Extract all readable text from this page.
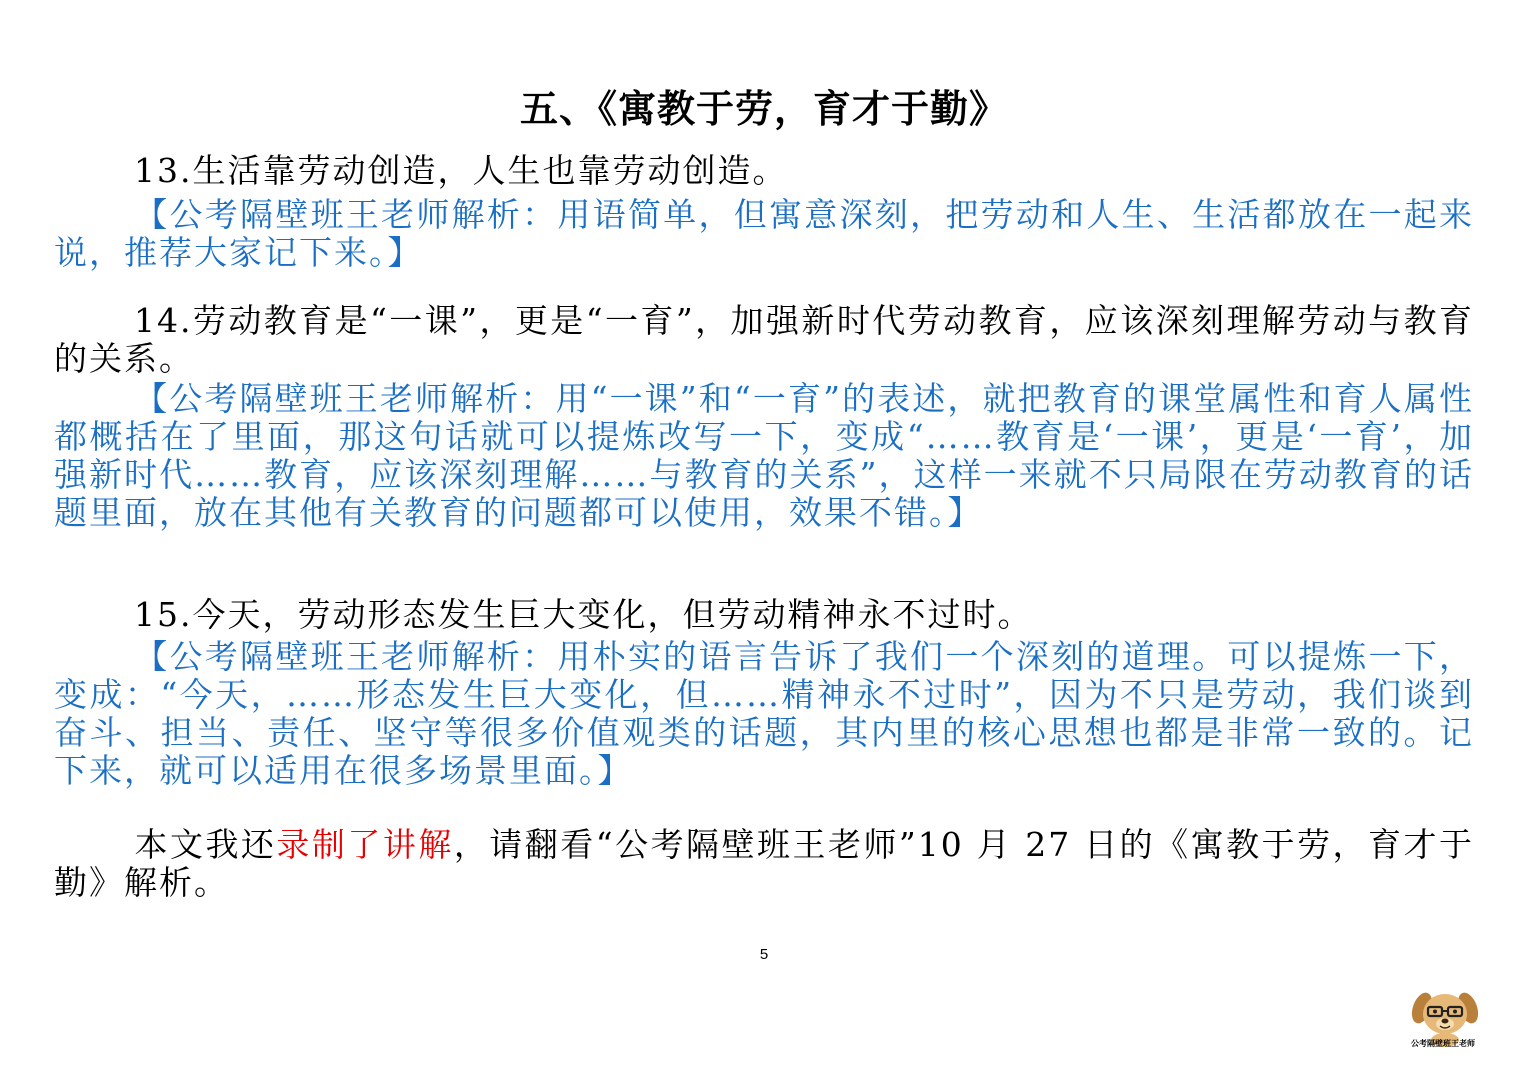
五、《寓教于劳，育才于勤》

13.生活靠劳动创造，人生也靠劳动创造。

【公考隔壁班王老师解析：用语简单，但寓意深刻，把劳动和人生、生活都放在一起来说，推荐大家记下来。】

14.劳动教育是“一课”，更是“一育”，加强新时代劳动教育，应该深刻理解劳动与教育的关系。

【公考隔壁班王老师解析：用“一课”和“一育”的表述，就把教育的课堂属性和育人属性都概括在了里面，那这句话就可以提炼改写一下，变成“……教育是‘一课’，更是‘一育’，加强新时代……教育，应该深刻理解……与教育的关系”，这样一来就不只局限在劳动教育的话题里面，放在其他有关教育的问题都可以使用，效果不错。】

15.今天，劳动形态发生巨大变化，但劳动精神永不过时。

【公考隔壁班王老师解析：用朴实的语言告诉了我们一个深刻的道理。可以提炼一下，变成：“今天，……形态发生巨大变化，但……精神永不过时”，因为不只是劳动，我们谈到奋斗、担当、责任、坚守等很多价值观类的话题，其内里的核心思想也都是非常一致的。记下来，就可以适用在很多场景里面。】

本文我还录制了讲解，请翻看“公考隔壁班王老师”10 月 27 日的《寓教于劳，育才于勤》解析。

5

公考隔壁班王老师
